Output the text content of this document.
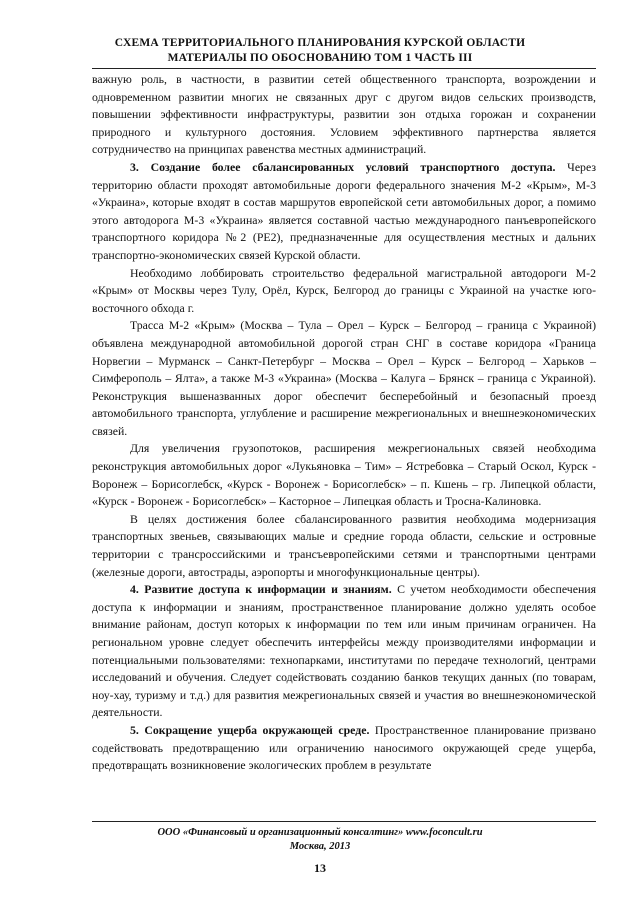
СХЕМА ТЕРРИТОРИАЛЬНОГО ПЛАНИРОВАНИЯ КУРСКОЙ ОБЛАСТИ
МАТЕРИАЛЫ ПО ОБОСНОВАНИЮ ТОМ 1 ЧАСТЬ III

важную роль, в частности, в развитии сетей общественного транспорта, возрождении и одновременном развитии многих не связанных друг с другом видов сельских производств, повышении эффективности инфраструктуры, развитии зон отдыха горожан и сохранении природного и культурного достояния. Условием эффективного партнерства является сотрудничество на принципах равенства местных администраций.

3. Создание более сбалансированных условий транспортного доступа. Через территорию области проходят автомобильные дороги федерального значения М-2 «Крым», М-3 «Украина», которые входят в состав маршрутов европейской сети автомобильных дорог, а помимо этого автодорога М-3 «Украина» является составной частью международного панъевропейского транспортного коридора №2 (РЕ2), предназначенные для осуществления местных и дальних транспортно-экономических связей Курской области.

Необходимо лоббировать строительство федеральной магистральной автодороги М-2 «Крым» от Москвы через Тулу, Орёл, Курск, Белгород до границы с Украиной на участке юго-восточного обхода г.

Трасса М-2 «Крым» (Москва – Тула – Орел – Курск – Белгород – граница с Украиной) объявлена международной автомобильной дорогой стран СНГ в составе коридора «Граница Норвегии – Мурманск – Санкт-Петербург – Москва – Орел – Курск – Белгород – Харьков – Симферополь – Ялта», а также М-3 «Украина» (Москва – Калуга – Брянск – граница с Украиной). Реконструкция вышеназванных дорог обеспечит бесперебойный и безопасный проезд автомобильного транспорта, углубление и расширение межрегиональных и внешнеэкономических связей.

Для увеличения грузопотоков, расширения межрегиональных связей необходима реконструкция автомобильных дорог «Лукьяновка – Тим» – Ястребовка – Старый Оскол, Курск - Воронеж – Борисоглебск, «Курск - Воронеж - Борисоглебск» – п. Кшень – гр. Липецкой области, «Курск - Воронеж - Борисоглебск» – Касторное – Липецкая область и Тросна-Калиновка.

В целях достижения более сбалансированного развития необходима модернизация транспортных звеньев, связывающих малые и средние города области, сельские и островные территории с трансроссийскими и трансъевропейскими сетями и транспортными центрами (железные дороги, автострады, аэропорты и многофункциональные центры).

4. Развитие доступа к информации и знаниям. С учетом необходимости обеспечения доступа к информации и знаниям, пространственное планирование должно уделять особое внимание районам, доступ которых к информации по тем или иным причинам ограничен. На региональном уровне следует обеспечить интерфейсы между производителями информации и потенциальными пользователями: технопарками, институтами по передаче технологий, центрами исследований и обучения. Следует содействовать созданию банков текущих данных (по товарам, ноу-хау, туризму и т.д.) для развития межрегиональных связей и участия во внешнеэкономической деятельности.

5. Сокращение ущерба окружающей среде. Пространственное планирование призвано содействовать предотвращению или ограничению наносимого окружающей среде ущерба, предотвращать возникновение экологических проблем в результате

ООО «Финансовый и организационный консалтинг» www.foconcult.ru
Москва, 2013
13
